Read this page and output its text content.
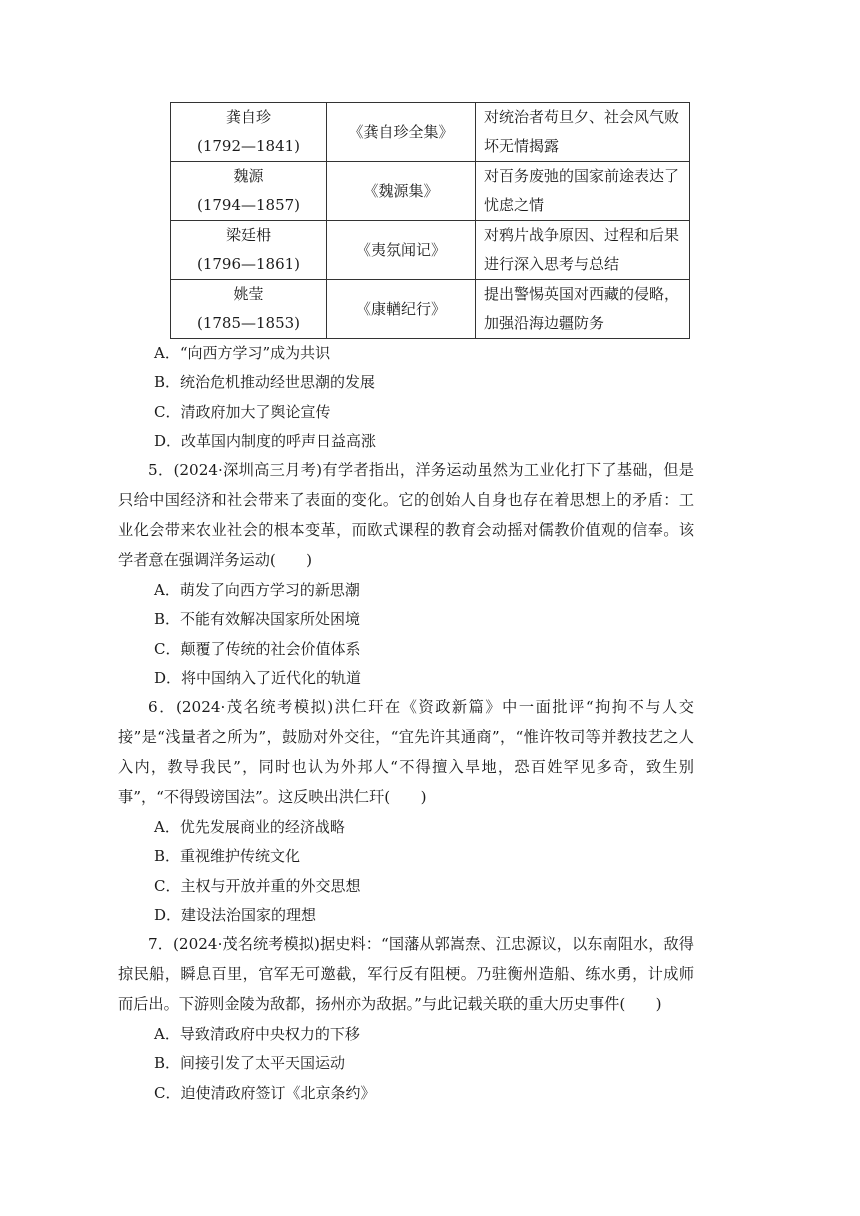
龚自珍
(1792—1841)	《龚自珍全集》	对统治者苟旦夕、社会风气败
坏无情揭露

魏源
(1794—1857)	《魏源集》	对百务废弛的国家前途表达了
忧虑之情

梁廷枏
(1796—1861)	《夷氛闻记》	对鸦片战争原因、过程和后果
进行深入思考与总结

姚莹
(1785—1853)	《康輶纪行》	提出警惕英国对西藏的侵略，
加强沿海边疆防务
A．“向西方学习”成为共识
B．统治危机推动经世思潮的发展
C．清政府加大了舆论宣传
D．改革国内制度的呼声日益高涨

5．(2024·深圳高三月考)有学者指出，洋务运动虽然为工业化打下了基础，但是只给中国经济和社会带来了表面的变化。它的创始人自身也存在着思想上的矛盾：工业化会带来农业社会的根本变革，而欧式课程的教育会动摇对儒教价值观的信奉。该学者意在强调洋务运动(　　)

A．萌发了向西方学习的新思潮
B．不能有效解决国家所处困境
C．颠覆了传统的社会价值体系
D．将中国纳入了近代化的轨道

6．(2024·茂名统考模拟)洪仁玕在《资政新篇》中一面批评“拘拘不与人交接”是“浅量者之所为”，鼓励对外交往，“宜先许其通商”，“惟许牧司等并教技艺之人入内，教导我民”，同时也认为外邦人“不得擅入旱地，恐百姓罕见多奇，致生别事”，“不得毁谤国法”。这反映出洪仁玕(　　)

A．优先发展商业的经济战略
B．重视维护传统文化
C．主权与开放并重的外交思想
D．建设法治国家的理想

7．(2024·茂名统考模拟)据史料：“国藩从郭嵩焘、江忠源议，以东南阻水，敌得掠民船，瞬息百里，官军无可邀截，军行反有阻梗。乃驻衡州造船、练水勇，计成师而后出。下游则金陵为敌都，扬州亦为敌据。”与此记载关联的重大历史事件(　　)

A．导致清政府中央权力的下移
B．间接引发了太平天国运动
C．迫使清政府签订《北京条约》
